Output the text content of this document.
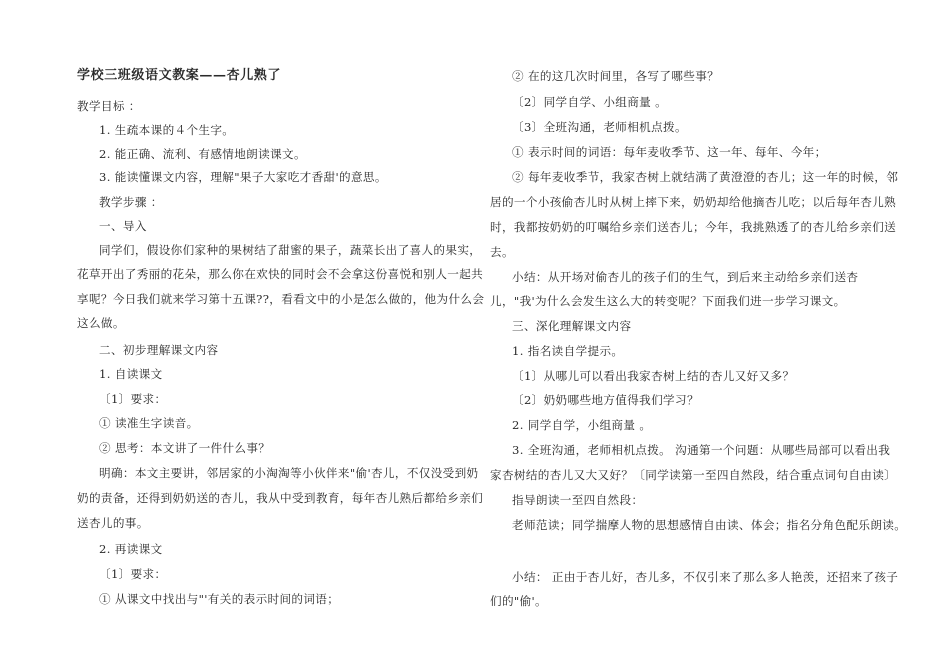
学校三班级语文教案——杏儿熟了
教学目标 ：
1. 生疏本课的４个生字。
2. 能正确、流利、有感情地朗读课文。
3. 能读懂课文内容，理解"果子大家吃才香甜'的意思。
教学步骤 ：
一、导入
同学们，假设你们家种的果树结了甜蜜的果子，蔬菜长出了喜人的果实，
花草开出了秀丽的花朵，那么你在欢快的同时会不会拿这份喜悦和别人一起共
享呢？今日我们就来学习第十五课??，看看文中的小是怎么做的，他为什么会
这么做。
二、初步理解课文内容
1. 自读课文
〔1〕要求：
① 读准生字读音。
② 思考：本文讲了一件什么事？
明确：本文主要讲，邻居家的小淘淘等小伙伴来"偷'杏儿，不仅没受到奶
奶的责备，还得到奶奶送的杏儿，我从中受到教育，每年杏儿熟后都给乡亲们
送杏儿的事。
2. 再读课文
〔1〕要求：
① 从课文中找出与"'有关的表示时间的词语；
② 在的这几次时间里，各写了哪些事？
〔2〕同学自学、小组商量 。
〔3〕全班沟通，老师相机点拨。
① 表示时间的词语：每年麦收季节、这一年、每年、今年；
② 每年麦收季节，我家杏树上就结满了黄澄澄的杏儿；这一年的时候，邻
居的一个小孩偷杏儿时从树上摔下来，奶奶却给他摘杏儿吃；以后每年杏儿熟
时，我都按奶奶的叮嘱给乡亲们送杏儿；今年，我挑熟透了的杏儿给乡亲们送
去。
小结：从开场对偷杏儿的孩子们的生气，到后来主动给乡亲们送杏
儿，"我'为什么会发生这么大的转变呢？下面我们进一步学习课文。
三、深化理解课文内容
1. 指名读自学提示。
〔1〕从哪儿可以看出我家杏树上结的杏儿又好又多？
〔2〕奶奶哪些地方值得我们学习？
2. 同学自学，小组商量 。
3. 全班沟通，老师相机点拨。 沟通第一个问题：从哪些局部可以看出我
家杏树结的杏儿又大又好？〔同学读第一至四自然段，结合重点词句自由读〕
指导朗读一至四自然段：
老师范读；同学揣摩人物的思想感情自由读、体会；指名分角色配乐朗读。
小结： 正由于杏儿好，杏儿多，不仅引来了那么多人艳羡，还招来了孩子
们的"偷'。
